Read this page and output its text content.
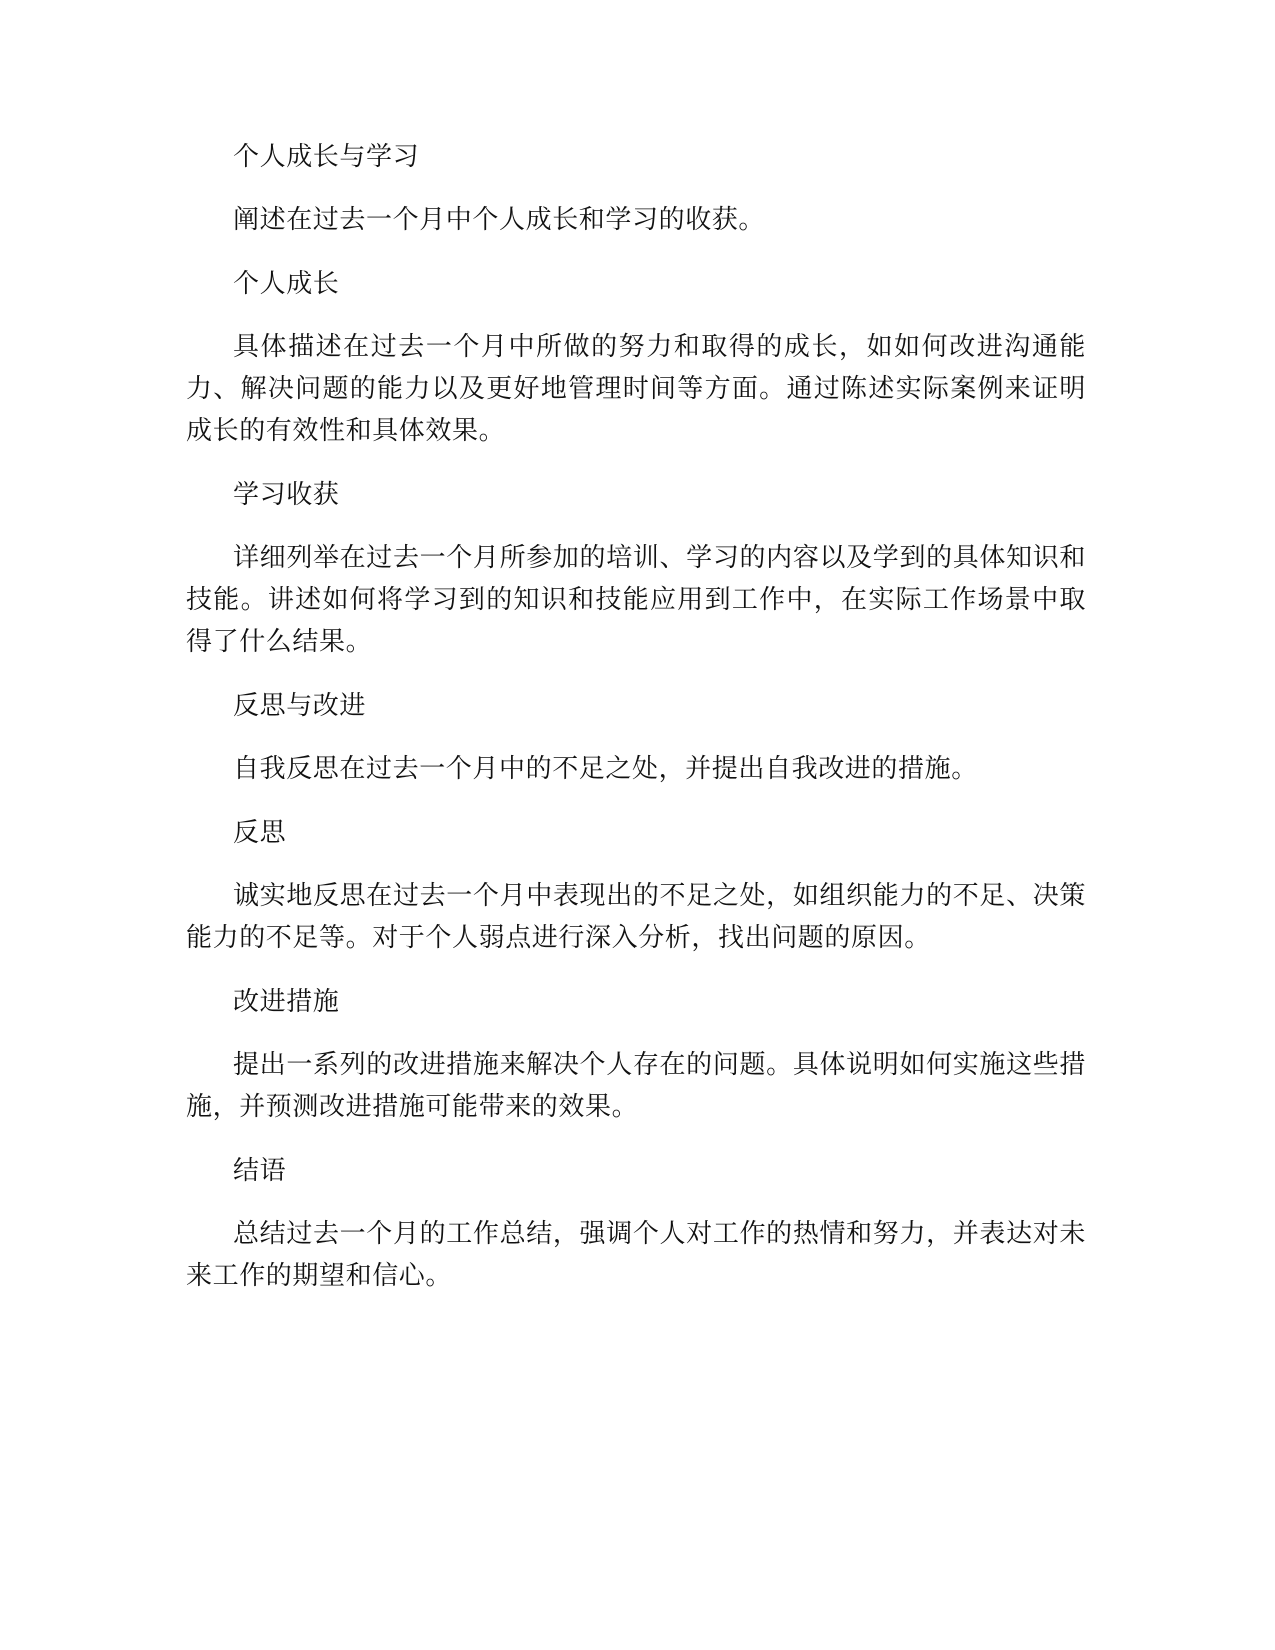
个人成长与学习

阐述在过去一个月中个人成长和学习的收获。

个人成长

具体描述在过去一个月中所做的努力和取得的成长，如如何改进沟通能力、解决问题的能力以及更好地管理时间等方面。通过陈述实际案例来证明成长的有效性和具体效果。

学习收获

详细列举在过去一个月所参加的培训、学习的内容以及学到的具体知识和技能。讲述如何将学习到的知识和技能应用到工作中，在实际工作场景中取得了什么结果。

反思与改进

自我反思在过去一个月中的不足之处，并提出自我改进的措施。

反思

诚实地反思在过去一个月中表现出的不足之处，如组织能力的不足、决策能力的不足等。对于个人弱点进行深入分析，找出问题的原因。

改进措施

提出一系列的改进措施来解决个人存在的问题。具体说明如何实施这些措施，并预测改进措施可能带来的效果。

结语

总结过去一个月的工作总结，强调个人对工作的热情和努力，并表达对未来工作的期望和信心。
